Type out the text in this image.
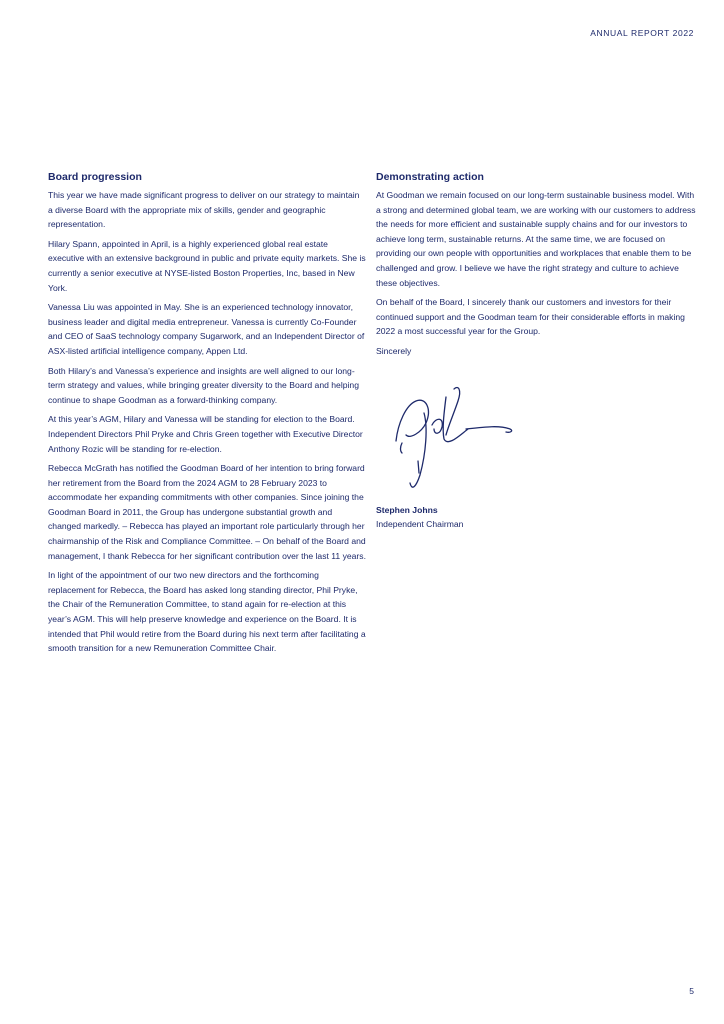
ANNUAL REPORT 2022
Board progression

This year we have made significant progress to deliver on our strategy to maintain a diverse Board with the appropriate mix of skills, gender and geographic representation.

Hilary Spann, appointed in April, is a highly experienced global real estate executive with an extensive background in public and private equity markets. She is currently a senior executive at NYSE-listed Boston Properties, Inc, based in New York.

Vanessa Liu was appointed in May. She is an experienced technology innovator, business leader and digital media entrepreneur. Vanessa is currently Co-Founder and CEO of SaaS technology company Sugarwork, and an Independent Director of ASX-listed artificial intelligence company, Appen Ltd.

Both Hilary’s and Vanessa’s experience and insights are well aligned to our long-term strategy and values, while bringing greater diversity to the Board and helping continue to shape Goodman as a forward-thinking company.

At this year’s AGM, Hilary and Vanessa will be standing for election to the Board. Independent Directors Phil Pryke and Chris Green together with Executive Director Anthony Rozic will be standing for re-election.

Rebecca McGrath has notified the Goodman Board of her intention to bring forward her retirement from the Board from the 2024 AGM to 28 February 2023 to accommodate her expanding commitments with other companies. Since joining the Goodman Board in 2011, the Group has undergone substantial growth and changed markedly. – Rebecca has played an important role particularly through her chairmanship of the Risk and Compliance Committee. – On behalf of the Board and management, I thank Rebecca for her significant contribution over the last 11 years.

In light of the appointment of our two new directors and the forthcoming replacement for Rebecca, the Board has asked long standing director, Phil Pryke, the Chair of the Remuneration Committee, to stand again for re-election at this year’s AGM. This will help preserve knowledge and experience on the Board. It is intended that Phil would retire from the Board during his next term after facilitating a smooth transition for a new Remuneration Committee Chair.

Demonstrating action

At Goodman we remain focused on our long-term sustainable business model. With a strong and determined global team, we are working with our customers to address the needs for more efficient and sustainable supply chains and for our investors to achieve long term, sustainable returns. At the same time, we are focused on providing our own people with opportunities and workplaces that enable them to be challenged and grow. I believe we have the right strategy and culture to achieve these objectives.

On behalf of the Board, I sincerely thank our customers and investors for their continued support and the Goodman team for their considerable efforts in making 2022 a most successful year for the Group.

Sincerely

Stephen Johns

Independent Chairman

5
